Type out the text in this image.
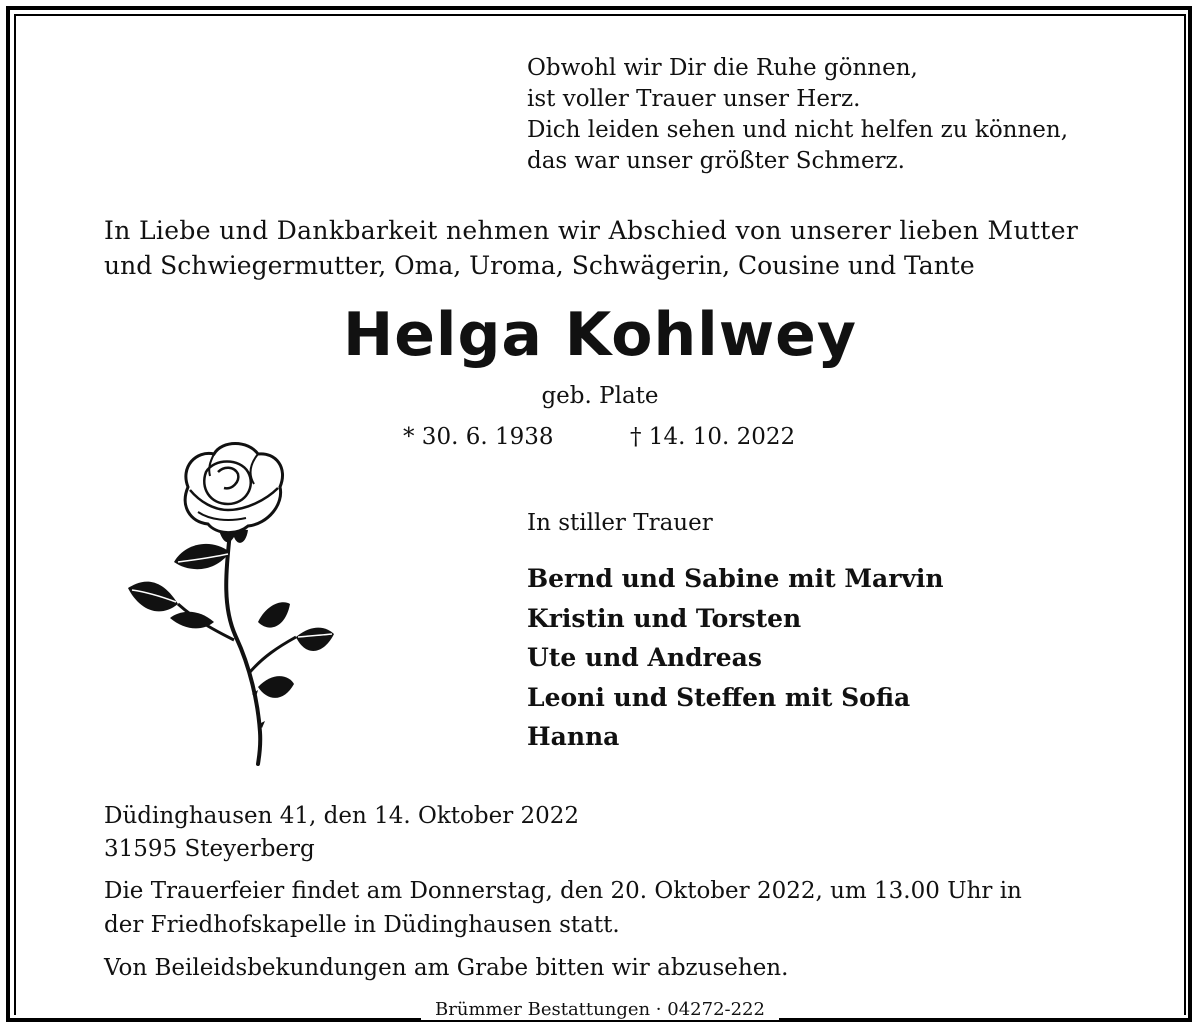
Obwohl wir Dir die Ruhe gönnen,
ist voller Trauer unser Herz.
Dich leiden sehen und nicht helfen zu können,
das war unser größter Schmerz.
In Liebe und Dankbarkeit nehmen wir Abschied von unserer lieben Mutter
und Schwiegermutter, Oma, Uroma, Schwägerin, Cousine und Tante
Helga Kohlwey
geb. Plate
* 30. 6. 1938	† 14. 10. 2022
In stiller Trauer
Bernd und Sabine mit Marvin
Kristin und Torsten
Ute und Andreas
Leoni und Steffen mit Sofia
Hanna
Düdinghausen 41, den 14. Oktober 2022
31595 Steyerberg
Die Trauerfeier findet am Donnerstag, den 20. Oktober 2022, um 13.00 Uhr in
der Friedhofskapelle in Düdinghausen statt.
Von Beileidsbekundungen am Grabe bitten wir abzusehen.
Brümmer Bestattungen · 04272-222
